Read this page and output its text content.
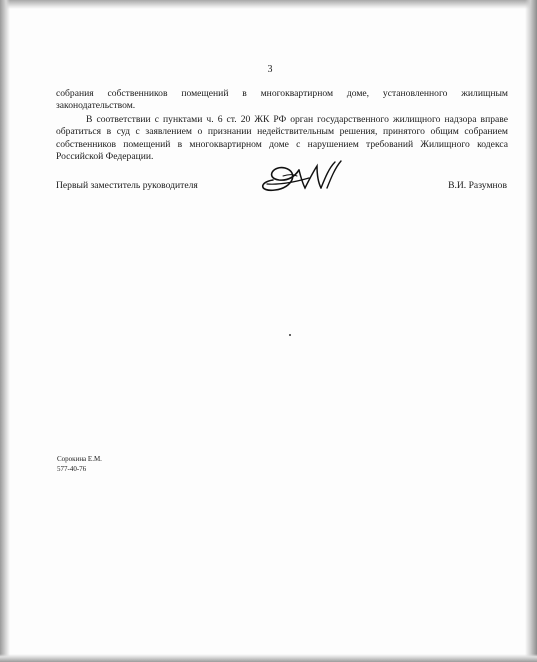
3

собрания собственников помещений в многоквартирном доме, установленного жилищным законодательством.

В соответствии с пунктами ч. 6 ст. 20 ЖК РФ орган государственного жилищного надзора вправе обратиться в суд с заявлением о признании недействительным решения, принятого общим собранием собственников помещений в многоквартирном доме с нарушением требований Жилищного кодекса Российской Федерации.

Первый заместитель руководителя	В.И. Разумнов
Сорокина Е.М.
577-40-76
